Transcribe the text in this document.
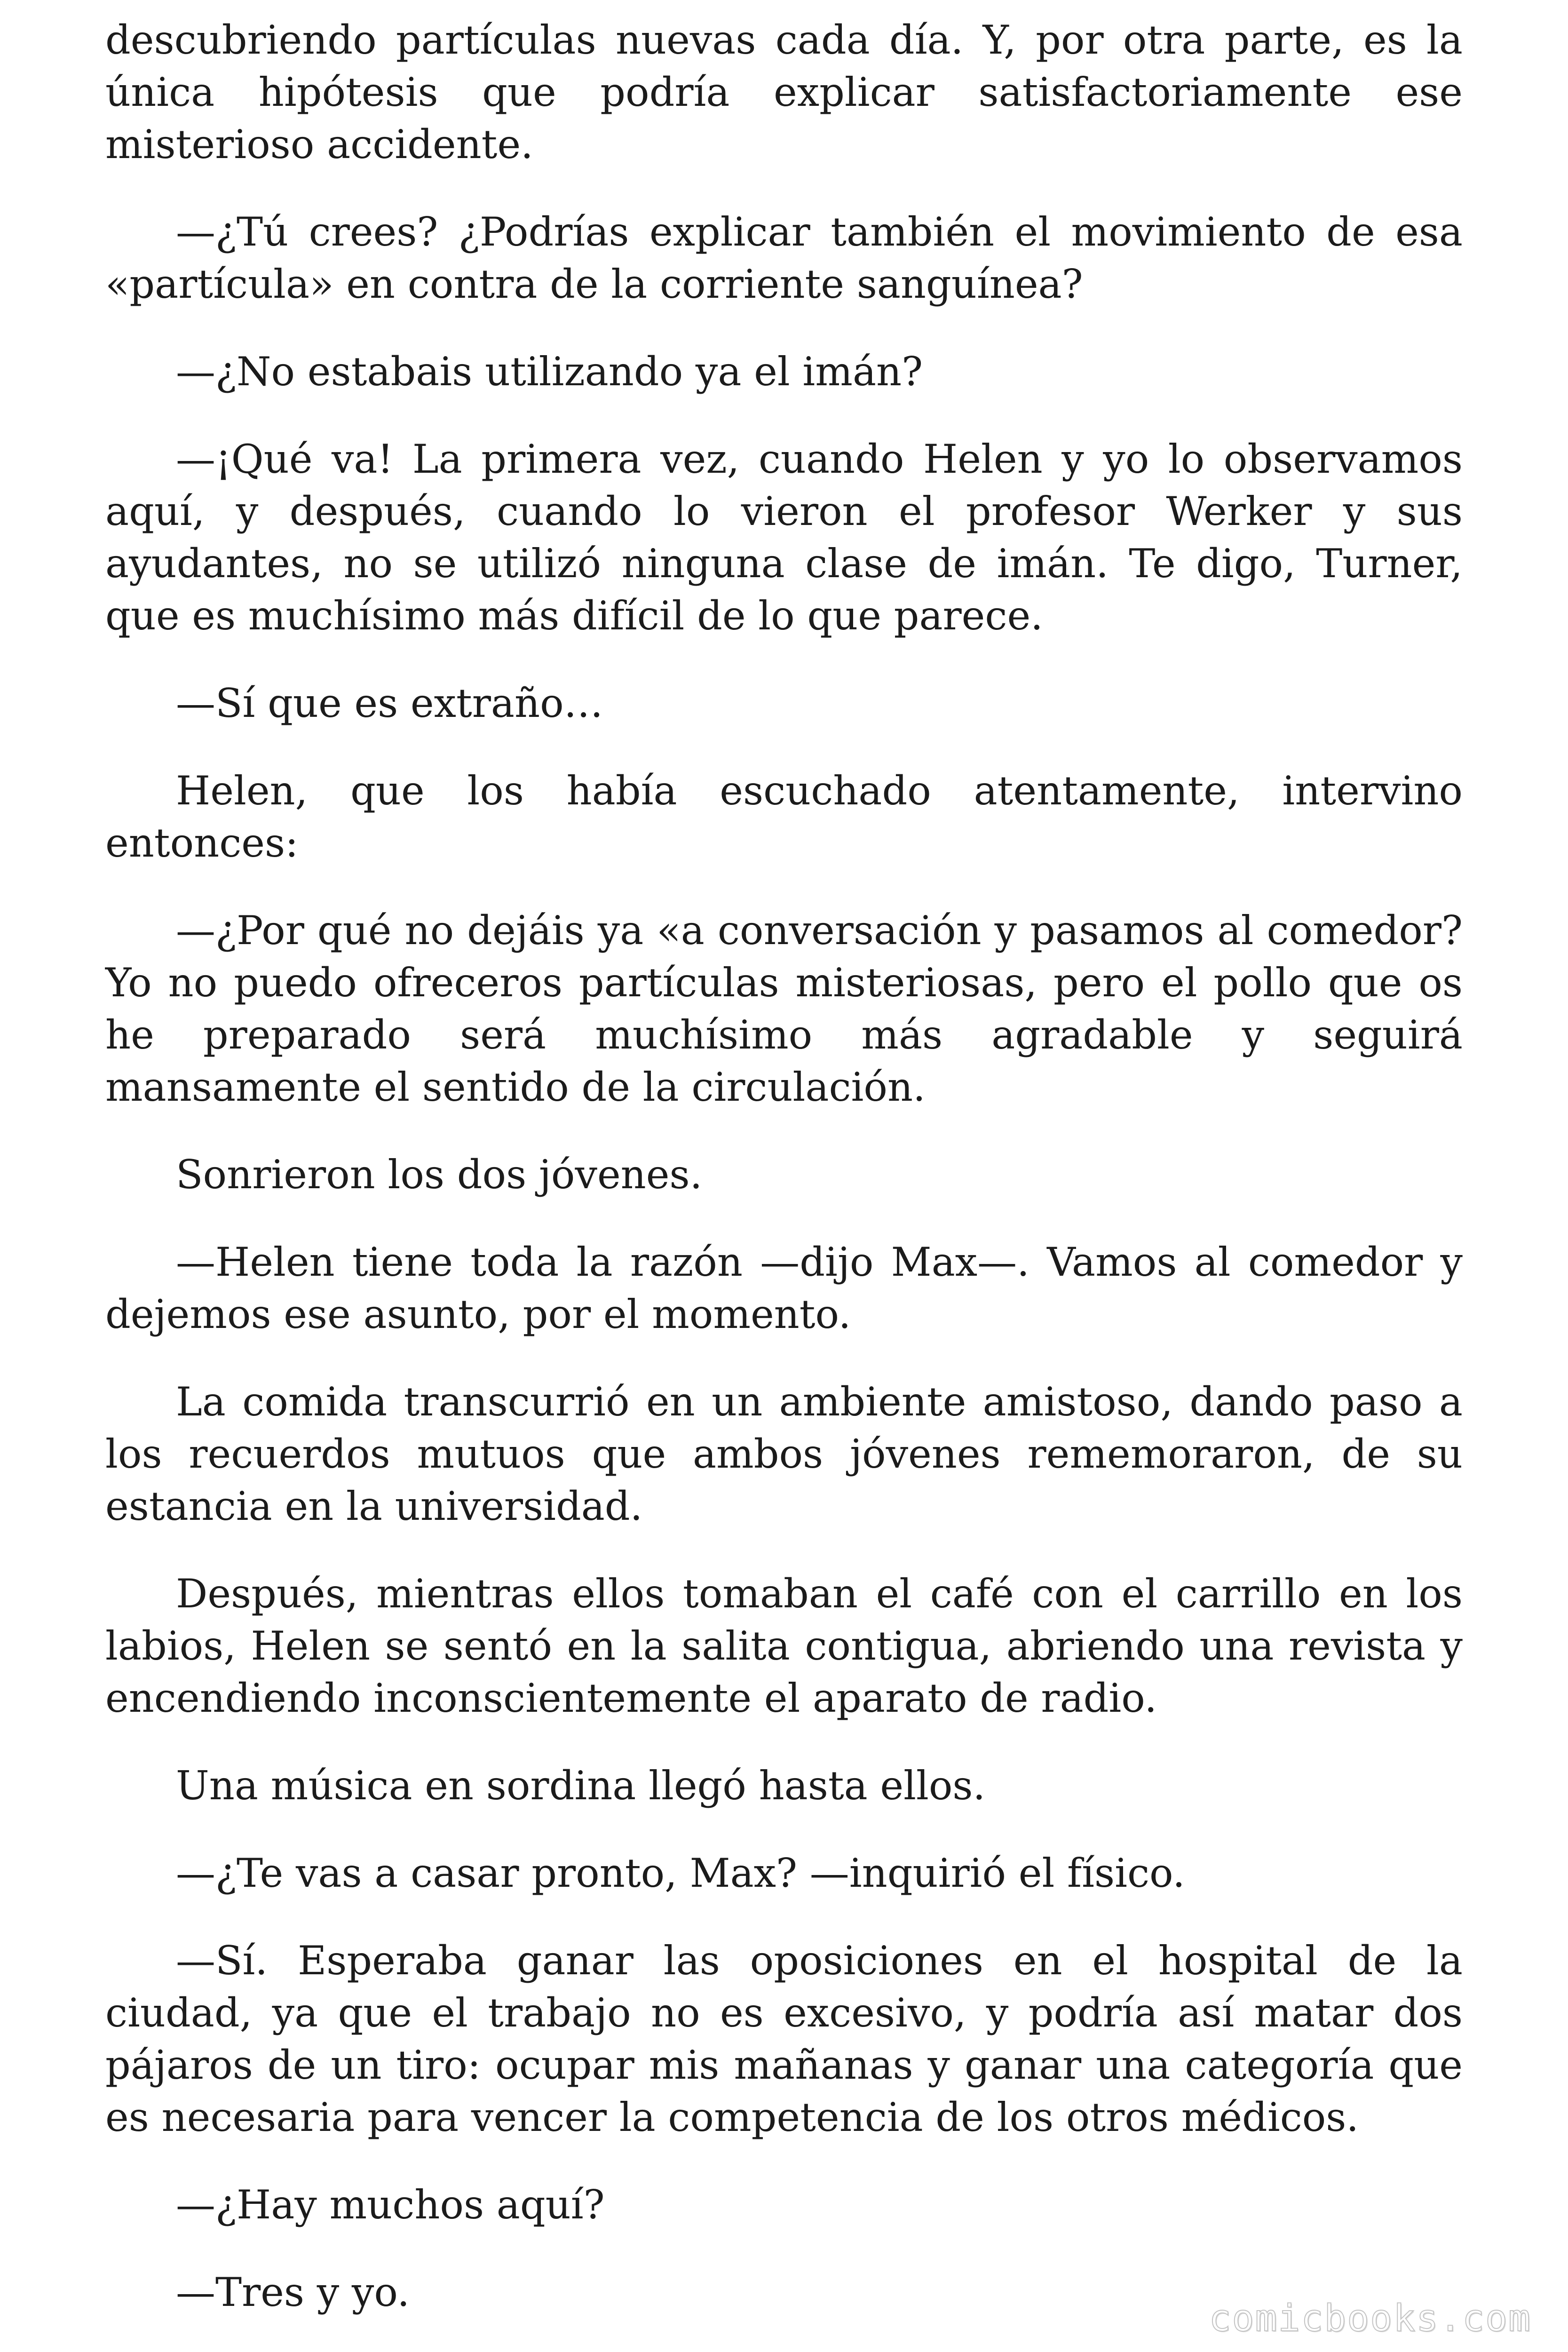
descubriendo partículas nuevas cada día. Y, por otra parte, es la única hipótesis que podría explicar satisfactoriamente ese misterioso accidente.

—¿Tú crees? ¿Podrías explicar también el movimiento de esa «partícula» en contra de la corriente sanguínea?

—¿No estabais utilizando ya el imán?

—¡Qué va! La primera vez, cuando Helen y yo lo observamos aquí, y después, cuando lo vieron el profesor Werker y sus ayudantes, no se utilizó ninguna clase de imán. Te digo, Turner, que es muchísimo más difícil de lo que parece.

—Sí que es extraño…

Helen, que los había escuchado atentamente, intervino entonces:

—¿Por qué no dejáis ya «a conversación y pasamos al comedor? Yo no puedo ofreceros partículas misteriosas, pero el pollo que os he preparado será muchísimo más agradable y seguirá mansamente el sentido de la circulación.

Sonrieron los dos jóvenes.

—Helen tiene toda la razón —dijo Max—. Vamos al comedor y dejemos ese asunto, por el momento.

La comida transcurrió en un ambiente amistoso, dando paso a los recuerdos mutuos que ambos jóvenes rememoraron, de su estancia en la universidad.

Después, mientras ellos tomaban el café con el carrillo en los labios, Helen se sentó en la salita contigua, abriendo una revista y encendiendo inconscientemente el aparato de radio.

Una música en sordina llegó hasta ellos.

—¿Te vas a casar pronto, Max? —inquirió el físico.

—Sí. Esperaba ganar las oposiciones en el hospital de la ciudad, ya que el trabajo no es excesivo, y podría así matar dos pájaros de un tiro: ocupar mis mañanas y ganar una categoría que es necesaria para vencer la competencia de los otros médicos.

—¿Hay muchos aquí?

—Tres y yo.

comicbooks.com
